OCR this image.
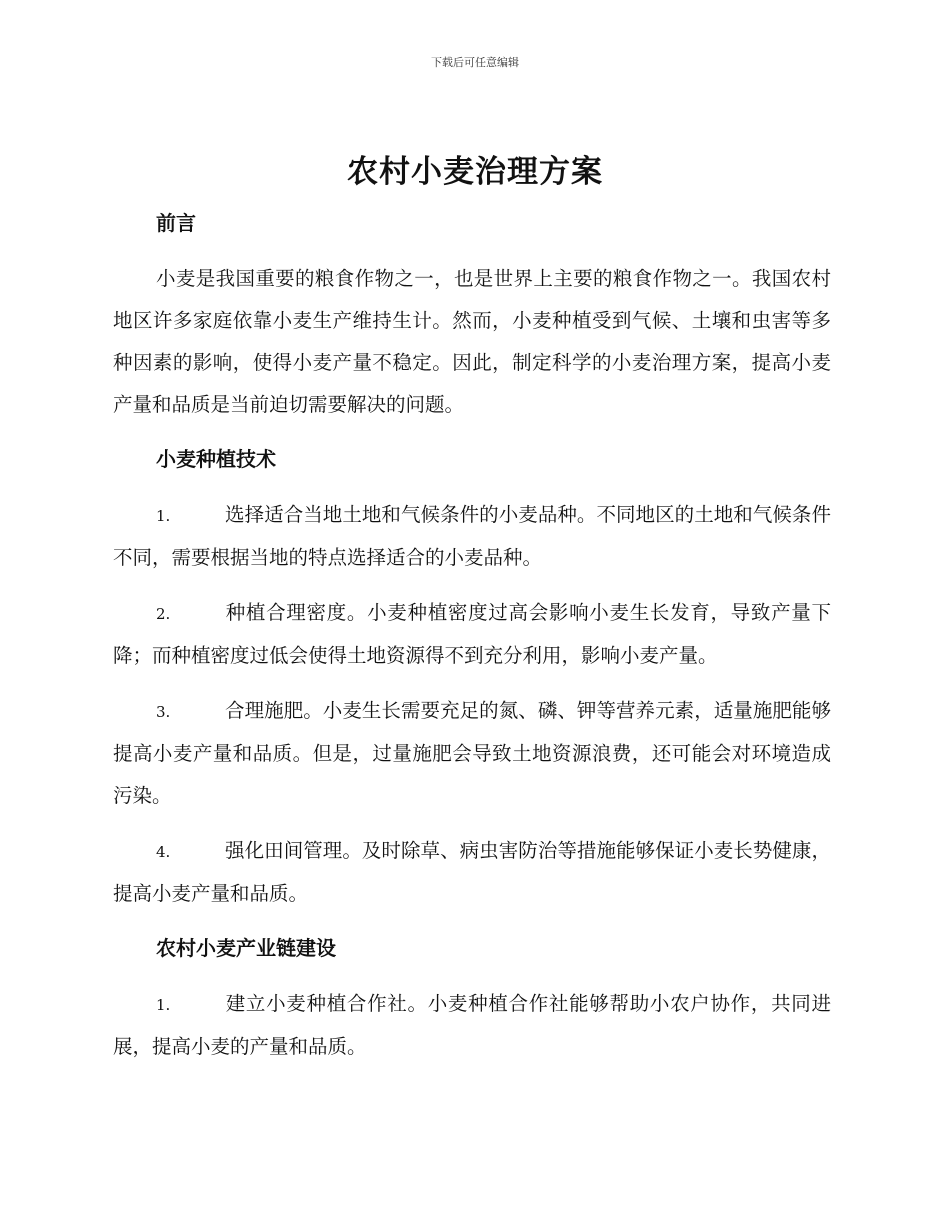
下载后可任意编辑
农村小麦治理方案
前言

小麦是我国重要的粮食作物之一，也是世界上主要的粮食作物之一。我国农村地区许多家庭依靠小麦生产维持生计。然而，小麦种植受到气候、土壤和虫害等多种因素的影响，使得小麦产量不稳定。因此，制定科学的小麦治理方案，提高小麦产量和品质是当前迫切需要解决的问题。

小麦种植技术

1.	选择适合当地土地和气候条件的小麦品种。不同地区的土地和气候条件不同，需要根据当地的特点选择适合的小麦品种。

2.	种植合理密度。小麦种植密度过高会影响小麦生长发育，导致产量下降；而种植密度过低会使得土地资源得不到充分利用，影响小麦产量。

3.	合理施肥。小麦生长需要充足的氮、磷、钾等营养元素，适量施肥能够提高小麦产量和品质。但是，过量施肥会导致土地资源浪费，还可能会对环境造成污染。

4.	强化田间管理。及时除草、病虫害防治等措施能够保证小麦长势健康，提高小麦产量和品质。

农村小麦产业链建设

1.	建立小麦种植合作社。小麦种植合作社能够帮助小农户协作，共同进展，提高小麦的产量和品质。
